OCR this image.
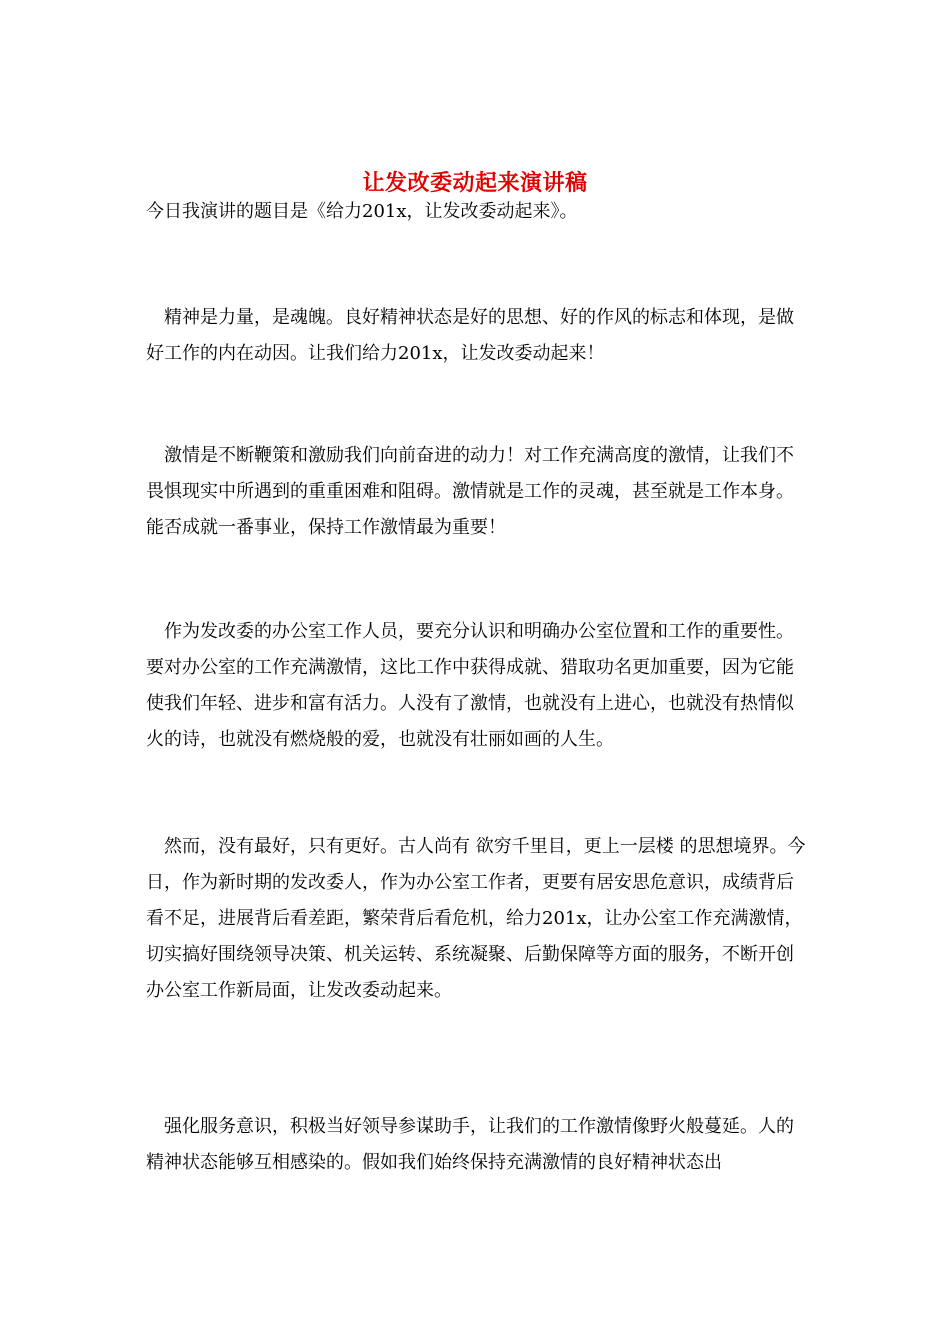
让发改委动起来演讲稿

今日我演讲的题目是《给力201x，让发改委动起来》。

精神是力量，是魂魄。良好精神状态是好的思想、好的作风的标志和体现，是做好工作的内在动因。让我们给力201x，让发改委动起来！

激情是不断鞭策和激励我们向前奋进的动力！对工作充满高度的激情，让我们不畏惧现实中所遇到的重重困难和阻碍。激情就是工作的灵魂，甚至就是工作本身。能否成就一番事业，保持工作激情最为重要！

作为发改委的办公室工作人员，要充分认识和明确办公室位置和工作的重要性。要对办公室的工作充满激情，这比工作中获得成就、猎取功名更加重要，因为它能使我们年轻、进步和富有活力。人没有了激情，也就没有上进心，也就没有热情似火的诗，也就没有燃烧般的爱，也就没有壮丽如画的人生。

然而，没有最好，只有更好。古人尚有 欲穷千里目，更上一层楼 的思想境界。今日，作为新时期的发改委人，作为办公室工作者，更要有居安思危意识，成绩背后看不足，进展背后看差距，繁荣背后看危机，给力201x，让办公室工作充满激情，切实搞好围绕领导决策、机关运转、系统凝聚、后勤保障等方面的服务，不断开创办公室工作新局面，让发改委动起来。

强化服务意识，积极当好领导参谋助手，让我们的工作激情像野火般蔓延。人的精神状态能够互相感染的。假如我们始终保持充满激情的良好精神状态出
